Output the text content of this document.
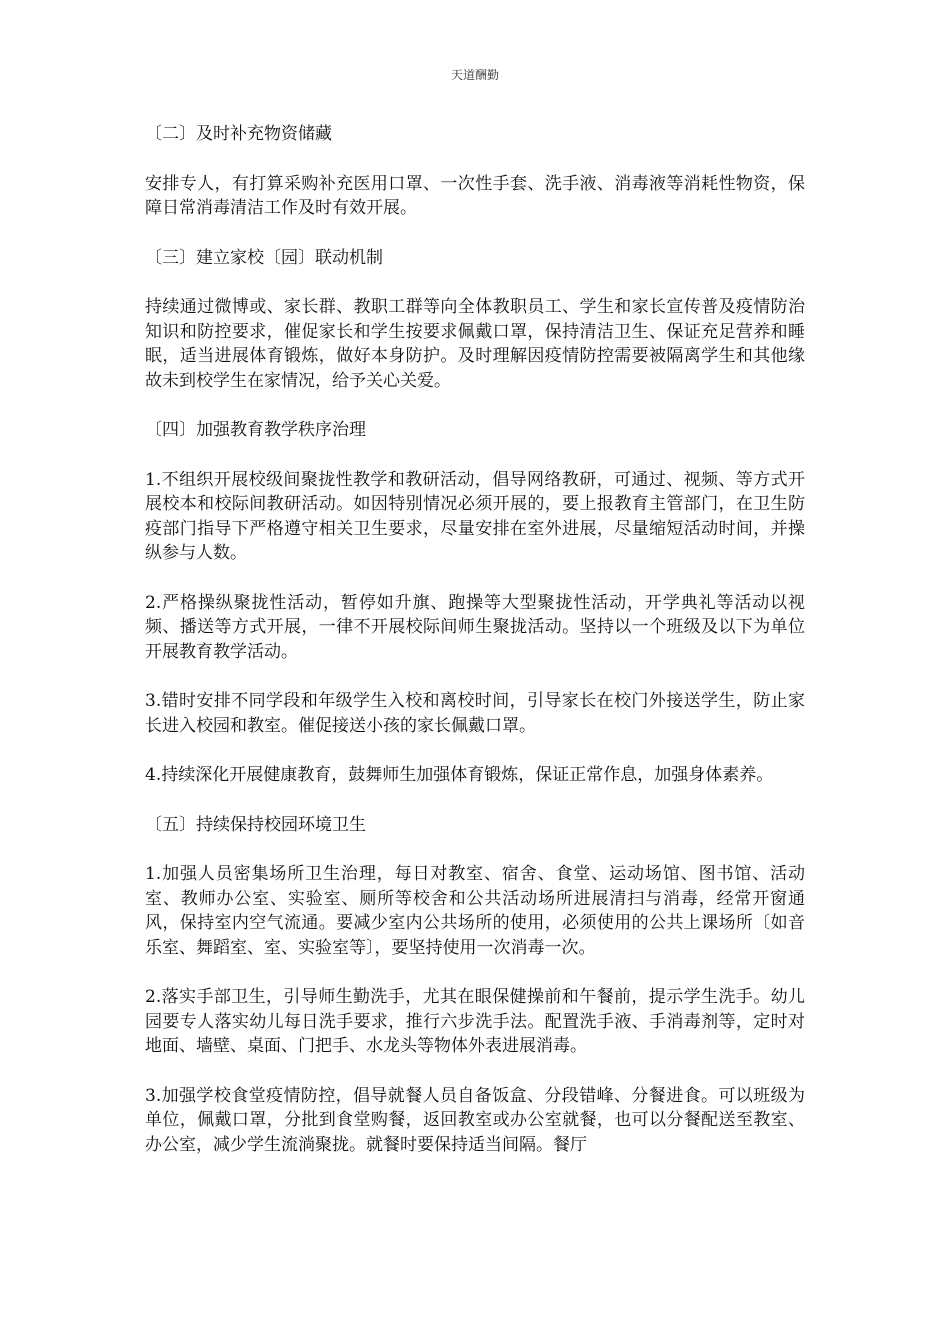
天道酬勤

〔二〕及时补充物资储藏

安排专人，有打算采购补充医用口罩、一次性手套、洗手液、消毒液等消耗性物资，保障日常消毒清洁工作及时有效开展。

〔三〕建立家校〔园〕联动机制

持续通过微博或、家长群、教职工群等向全体教职员工、学生和家长宣传普及疫情防治知识和防控要求，催促家长和学生按要求佩戴口罩，保持清洁卫生、保证充足营养和睡眠，适当进展体育锻炼，做好本身防护。及时理解因疫情防控需要被隔离学生和其他缘故未到校学生在家情况，给予关心关爱。

〔四〕加强教育教学秩序治理

1.不组织开展校级间聚拢性教学和教研活动，倡导网络教研，可通过、视频、等方式开展校本和校际间教研活动。如因特别情况必须开展的，要上报教育主管部门，在卫生防疫部门指导下严格遵守相关卫生要求，尽量安排在室外进展，尽量缩短活动时间，并操纵参与人数。

2.严格操纵聚拢性活动，暂停如升旗、跑操等大型聚拢性活动，开学典礼等活动以视频、播送等方式开展，一律不开展校际间师生聚拢活动。坚持以一个班级及以下为单位开展教育教学活动。

3.错时安排不同学段和年级学生入校和离校时间，引导家长在校门外接送学生，防止家长进入校园和教室。催促接送小孩的家长佩戴口罩。

4.持续深化开展健康教育，鼓舞师生加强体育锻炼，保证正常作息，加强身体素养。

〔五〕持续保持校园环境卫生

1.加强人员密集场所卫生治理，每日对教室、宿舍、食堂、运动场馆、图书馆、活动室、教师办公室、实验室、厕所等校舍和公共活动场所进展清扫与消毒，经常开窗通风，保持室内空气流通。要减少室内公共场所的使用，必须使用的公共上课场所〔如音乐室、舞蹈室、室、实验室等〕，要坚持使用一次消毒一次。

2.落实手部卫生，引导师生勤洗手，尤其在眼保健操前和午餐前，提示学生洗手。幼儿园要专人落实幼儿每日洗手要求，推行六步洗手法。配置洗手液、手消毒剂等，定时对地面、墙壁、桌面、门把手、水龙头等物体外表进展消毒。

3.加强学校食堂疫情防控，倡导就餐人员自备饭盒、分段错峰、分餐进食。可以班级为单位，佩戴口罩，分批到食堂购餐，返回教室或办公室就餐，也可以分餐配送至教室、办公室，减少学生流淌聚拢。就餐时要保持适当间隔。餐厅
